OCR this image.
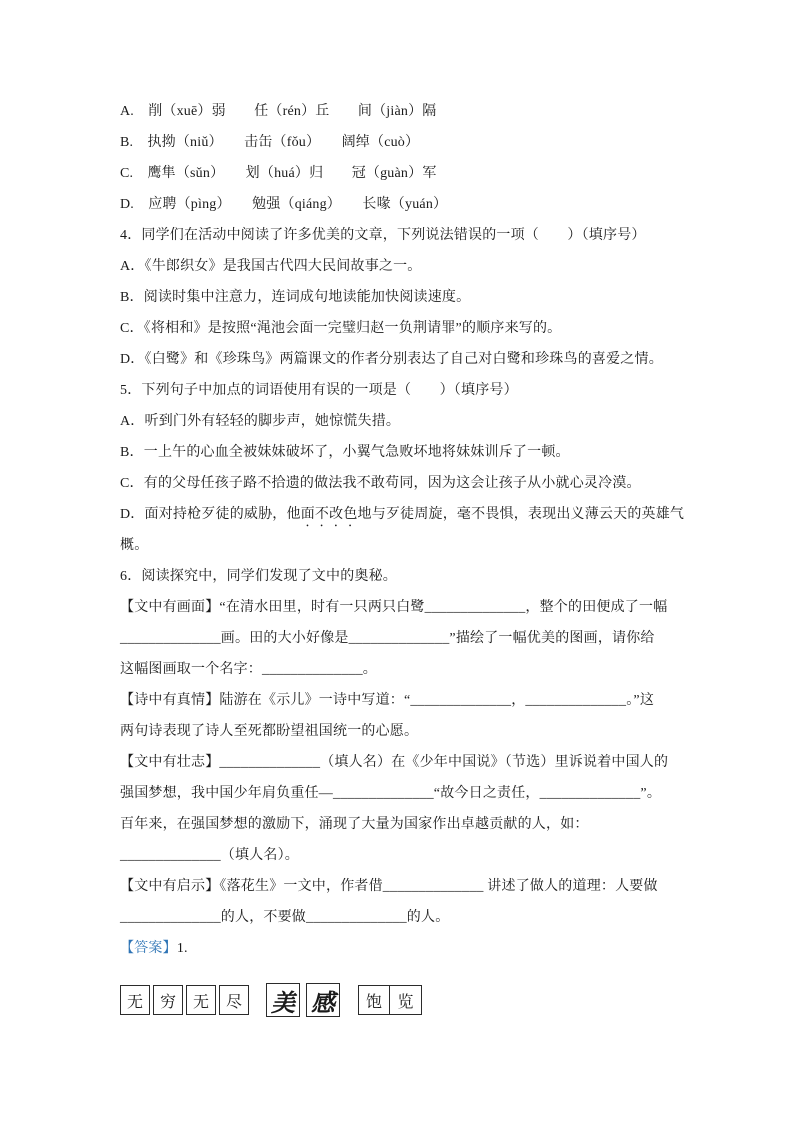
A.　削（xuē）弱　　任（rén）丘　　间（jiàn）隔

B.　执拗（niǔ）　　击缶（fǒu）　　阔绰（cuò）

C.　鹰隼（sǔn）　　划（huá）归　　冠（guàn）军

D.　应聘（pìng）　　勉强（qiáng）　　长喙（yuán）

4．同学们在活动中阅读了许多优美的文章，下列说法错误的一项（　　）（填序号）

A．《牛郎织女》是我国古代四大民间故事之一。

B．阅读时集中注意力，连词成句地读能加快阅读速度。

C．《将相和》是按照“渑池会面一完璧归赵一负荆请罪”的顺序来写的。

D．《白鹭》和《珍珠鸟》两篇课文的作者分别表达了自己对白鹭和珍珠鸟的喜爱之情。

5．下列句子中加点的词语使用有误的一项是（　　）（填序号）

A．听到门外有轻轻的脚步声，她惊慌失措。

B．一上午的心血全被妹妹破坏了，小翼气急败坏地将妹妹训斥了一顿。

C．有的父母任孩子路不拾遗的做法我不敢苟同，因为这会让孩子从小就心灵冷漠。

D．面对持枪歹徒的威胁，他面不改色地与歹徒周旋，毫不畏惧，表现出义薄云天的英雄气

概。

6．阅读探究中，同学们发现了文中的奥秘。

【文中有画面】“在清水田里，时有一只两只白鹭______________，整个的田便成了一幅

______________画。田的大小好像是______________”描绘了一幅优美的图画，请你给

这幅图画取一个名字：______________。

【诗中有真情】陆游在《示儿》一诗中写道：“______________，______________。”这

两句诗表现了诗人至死都盼望祖国统一的心愿。

【文中有壮志】______________（填人名）在《少年中国说》（节选）里诉说着中国人的

强国梦想，我中国少年肩负重任—______________“故今日之责任，______________”。

百年来，在强国梦想的激励下，涌现了大量为国家作出卓越贡献的人，如：

______________（填人名）。

【文中有启示】《落花生》一文中，作者借______________ 讲述了做人的道理：人要做

______________的人，不要做______________的人。

【答案】1.

无	穷	无	尽 美 感	饱 览
